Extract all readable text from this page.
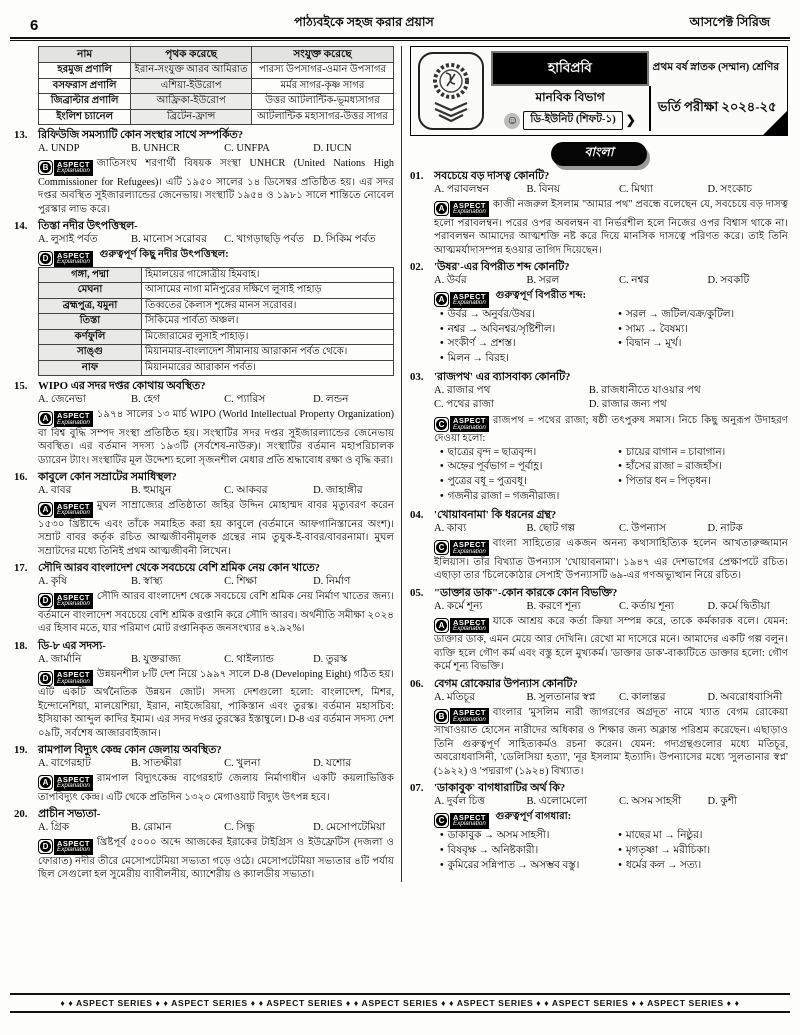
6	পাঠ্যবইকে সহজ করার প্রয়াস	আসপেক্ট সিরিজ
নাম	পৃথক করেছে	সংযুক্ত করেছে
হরমুজ প্রণালি	ইরান-সংযুক্ত আরব আমিরাত	পারস্য উপসাগর-ওমান উপসাগর
বসফরাস প্রণালি	এশিয়া-ইউরোপ	মর্মর সাগর-কৃষ্ণ সাগর
জিব্রাল্টার প্রণালি	আফ্রিকা-ইউরোপ	উত্তর আটলান্টিক-ভূমধ্যসাগর
ইংলিশ চ্যানেল	ব্রিটেন-ফ্রান্স	আটলান্টিক মহাসাগর-উত্তর সাগর
13. রিফিউজি সমস্যাটি কোন সংস্থার সাথে সম্পর্কিত?
A. UNDP	B. UNHCR	C. UNFPA	D. IUCN
B	ASPECT
Explanation
জাতিসংঘ শরণার্থী বিষয়ক সংস্থা UNHCR (United Nations High Commissioner for Refugees)। এটি ১৯৫০ সালের ১৪ ডিসেম্বর প্রতিষ্ঠিত হয়। এর সদর দপ্তর অবস্থিত সুইজারল্যান্ডের জেনেভায়। সংস্থাটি ১৯৫৪ ও ১৯৮১ সালে শান্তিতে নোবেল পুরস্কার লাভ করে।
14. তিস্তা নদীর উৎপত্তিস্থল-
A. লুসাই পর্বত	B. মানোস সরোবর	C. খাগড়াছড়ি পর্বত D. সিকিম পর্বত
D	ASPECT
Explanation
গুরুত্বপূর্ণ কিছু নদীর উৎপত্তিস্থল:
গঙ্গা, পদ্মা	হিমালয়ের গাঙ্গোত্রীয় হিমবাহ।
মেঘনা	আসামের নাগা মনিপুরের দক্ষিণে লুসাই পাহাড়
ব্রহ্মপুত্র, যমুনা	তিব্বতের কৈলাস শৃঙ্গের মানস সরোবর।
তিস্তা	সিকিমের পার্বত্য অঞ্চল।
কর্ণফুলি	মিজোরামের লুসাই পাহাড়।
সাঙ্গু	মিয়ানমার-বাংলাদেশ সীমানায় আরাকান পর্বত থেকে।
নাফ	মিয়ানমারের আরাকান পর্বত।
15. WIPO এর সদর দপ্তর কোথায় অবস্থিত?
A. জেনেভা	B. হেগ	C. প্যারিস	D. লন্ডন
A	ASPECT
Explanation
১৯৭৪ সালের ১৩ মার্চ WIPO (World Intellectual Property Organization) বা বিশ্ব বুদ্ধি সম্পদ সংস্থা প্রতিষ্ঠিত হয়। সংস্থাটির সদর দপ্তর সুইজারল্যান্ডের জেনেভায় অবস্থিত। এর বর্তমান সদস্য ১৯৩টি (সর্বশেষ-নাউরু)। সংস্থাটির বর্তমান মহাপরিচালক ড্যারেন ট্যাং। সংস্থাটির মূল উদ্দেশ্য হলো সৃজনশীল মেধার প্রতি শ্রদ্ধাবোধ রক্ষা ও বৃদ্ধি করা।
16. কাবুলে কোন সম্রাটের সমাধিস্থল?
A. বাবর	B. হুমায়ুন	C. আকবর	D. জাহাঙ্গীর
A	ASPECT
Explanation
মুঘল সাম্রাজ্যের প্রতিষ্ঠাতা জহির উদ্দিন মোহাম্মদ বাবর মৃত্যুবরণ করেন ১৫৩০ খ্রিষ্টাব্দে এবং তাঁকে সমাহিত করা হয় কাবুলে (বর্তমানে আফগানিস্তানের অংশ)। সম্রাট বাবর কর্তৃক রচিত আত্মজীবনীমূলক গ্রন্থের নাম তুযুক-ই-বাবর/বাবরনামা। মুঘল সম্রাটদের মধ্যে তিনিই প্রথম আত্মজীবনী লিখেন।
17. সৌদি আরব বাংলাদেশ থেকে সবচেয়ে বেশি শ্রমিক নেয় কোন খাতে?
A. কৃষি	B. স্বাস্থ্য	C. শিক্ষা	D. নির্মাণ
D	ASPECT
Explanation
সৌদি আরব বাংলাদেশ থেকে সবচেয়ে বেশি শ্রমিক নেয় নির্মাণ খাতের জন্য। বর্তমানে বাংলাদেশ সবচেয়ে বেশি শ্রমিক রপ্তানি করে সৌদি আরব। অর্থনীতি সমীক্ষা ২০২৪ এর হিসাব মতে, যার পরিমাণ মোট রপ্তানিকৃত জনসংখ্যার ৪২.৯২%।
18. ডি-৮ এর সদস্য-
A. জার্মানি	B. যুক্তরাজ্য	C. থাইল্যান্ড	D. তুরস্ক
D	ASPECT
Explanation
উন্নয়নশীল ৮টি দেশ নিয়ে ১৯৯৭ সালে D-8 (Developing Eight) গঠিত হয়। এটি একটি অর্থনৈতিক উন্নয়ন জোট। সদস্য দেশগুলো হলো: বাংলাদেশ, মিশর, ইন্দোনেশিয়া, মালয়েশিয়া, ইরান, নাইজেরিয়া, পাকিস্তান এবং তুরস্ক। বর্তমান মহাসচিব: ইসিয়াকা আব্দুল কাদির ইমাম। এর সদর দপ্তর তুরস্কের ইস্তাম্বুলে। D-8 এর বর্তমান সদস্য দেশ ০৯টি, সর্বশেষ আজারবাইজান।
19. রামপাল বিদ্যুৎ কেন্দ্র কোন জেলায় অবস্থিত?
A. বাগেরহাট	B. সাতক্ষীরা	C. খুলনা	D. যশোর
A	ASPECT
Explanation
রামপাল বিদ্যুৎকেন্দ্র বাগেরহাট জেলায় নির্মাণাধীন একটি কয়লাভিত্তিক তাপবিদ্যুৎ কেন্দ্র। এটি থেকে প্রতিদিন ১৩২০ মেগাওয়াট বিদ্যুৎ উৎপন্ন হবে।
20. প্রাচীন সভ্যতা-
A. গ্রিক	B. রোমান	C. সিন্ধু	D. মেসোপটেমিয়া
D	ASPECT
Explanation
খ্রিষ্টপূর্ব ৫০০০ অব্দে আজকের ইরাকের টাইগ্রিস ও ইউফ্রেটিস (দজলা ও ফোরাত) নদীর তীরে মেসোপটেমিয়া সভ্যতা গড়ে ওঠে। মেসোপটেমিয়া সভ্যতার ৪টি পর্যায় ছিল সেগুলো হল সুমেরীয় ব্যাবীলনীয়, অ্যাশেরীয় ও ক্যালডীয় সভ্যতা।
হাবিপ্রবি	প্রথম বর্ষ স্নাতক (সম্মান) শ্রেণির
মানবিক বিভাগ
☺	ডি-ইউনিট (শিফট-১) ❯
ভর্তি পরীক্ষা ২০২৪-২৫
বাংলা
01. সবচেয়ে বড় দাসত্ব কোনটি?
A. পরাবলম্বন	B. বিনয়	C. মিথ্যা	D. সংকোচ
A	ASPECT
Explanation
কাজী নজরুল ইসলাম "আমার পথ" প্রবন্ধে বলেছেন যে, সবচেয়ে বড় দাসত্ব হলো পরাবলম্বন। পরের ওপর অবলম্বন বা নির্ভরশীল হলে নিজের ওপর বিশ্বাস থাকে না। পরাবলম্বন আমাদের আত্মশক্তি নষ্ট করে দিয়ে মানসিক দাসত্বে পরিণত করে। তাই তিনি আত্মমর্যাদাসম্পন্ন হওয়ার তাগিদ দিয়েছেন।
02. 'উষর'-এর বিপরীত শব্দ কোনটি?
A. উর্বর	B. সরল	C. নশ্বর	D. সবকটি
A	ASPECT
Explanation
গুরুত্বপূর্ণ বিপরীত শব্দ:
• উর্বর → অনুর্বর/উষর।	• সরল → জটিল/বক্র/কুটিল।
• নশ্বর → অবিনশ্বর/সৃষ্টিশীল।	• সাম্য → বৈষম্য।
• সংকীর্ণ → প্রশস্ত।	• বিদ্বান → মূর্খ।
• মিলন → বিরহ।
03. 'রাজপথ' এর ব্যাসবাক্য কোনটি?
A. রাজার পথ	B. রাজধানীতে যাওয়ার পথ
C. পথের রাজা	D. রাজার জন্য পথ
C	ASPECT
Explanation
রাজপথ = পথের রাজা; ষষ্ঠী তৎপুরুষ সমাস। নিচে কিছু অনুরূপ উদাহরণ দেওয়া হলো:
• ছাত্রের বৃন্দ = ছাত্রবৃন্দ।	• চায়ের বাগান = চাবাগান।
• অহ্নের পূর্বভাগ = পূর্বাহ্ণ।	• হাঁসের রাজা = রাজহাঁস।
• পুত্রের বধূ = পুত্রবধূ।	• পিতার ধন = পিতৃধন।
• গজনীর রাজা = গজনীরাজ।
04. 'খোয়াবনামা' কি ধরনের গ্রন্থ?
A. কাব্য	B. ছোট গল্প	C. উপন্যাস	D. নাটক
C	ASPECT
Explanation
বাংলা সাহিত্যের একজন অনন্য কথাসাহিত্যিক হলেন আখতারুজ্জামান ইলিয়াস। তাঁর বিখ্যাত উপন্যাস 'খোয়াবনামা'। ১৯৪৭ এর দেশভাগের প্রেক্ষাপটে রচিত। এছাড়া তার 'চিলেকোঠার সেপাই' উপন্যাসটি ৬৯-এর গণঅভ্যুত্থান নিয়ে রচিত।
05. "ডাক্তার ডাক"-কোন কারকে কোন বিভক্তি?
A. কর্মে শূন্য	B. করণে শূন্য	C. কর্তায় শূন্য	D. কর্মে দ্বিতীয়া
A	ASPECT
Explanation
যাকে আশ্রয় করে কর্তা ক্রিয়া সম্পন্ন করে, তাকে কর্মকারক বলে। যেমন: ডাক্তার ডাক, এমন মেয়ে আর দেখিনি। রেখো মা দাসেরে মনে। আমাদের একটি গল্প বলুন। ব্যক্তি হলে গৌণ কর্ম এবং বস্তু হলে মুখ্যকর্ম। 'ডাক্তার ডাক'-বাক্যটিতে ডাক্তার হলো: গৌণ কর্মে শূন্য বিভক্তি।
06. বেগম রোকেয়ার উপন্যাস কোনটি?
A. মতিচূর	B. সুলতানার স্বপ্ন	C. কালান্তর	D. অবরোধবাসিনী
B	ASPECT
Explanation
বাংলার 'মুসলিম নারী জাগরণের অগ্রদূত' নামে খ্যাত বেগম রোকেয়া সাখাওয়াত হোসেন নারীদের অধিকার ও শিক্ষার জন্য অক্লান্ত পরিশ্রম করেছেন। এছাড়াও তিনি গুরুত্বপূর্ণ সাহিত্যকর্মও রচনা করেন। যেমন: গদ্যগ্রন্থগুলোর মধ্যে মতিচূর, অবরোধবাসিনী, 'ডেলিসিয়া হত্যা', 'নূর ইসলাম' ইত্যাদি। উপন্যাসের মধ্যে 'সুলতানার স্বপ্ন' (১৯২২) ও 'পদ্মরাগ' (১৯২৪) বিখ্যাত।
07. 'ডাকাবুক' বাগধারাটির অর্থ কি?
A. দুর্বল চিত্ত	B. এলোমেলো	C. অসম সাহসী	D. কুশী
C	ASPECT
Explanation
গুরুত্বপূর্ণ বাগধারা:
• ডাকাবুক → অসম সাহসী।	• মাছের মা → নিষ্ঠুর।
• বিষবৃক্ষ → অনিষ্টকারী।	• মৃগতৃষ্ণা → মরীচিকা।
• কুমিরের সন্নিপাত → অসম্ভব বস্তু।	• ধর্মের কল → সত্য।
♦ ♦ ASPECT SERIES ♦ ♦ ASPECT SERIES ♦ ♦ ASPECT SERIES ♦ ♦ ASPECT SERIES ♦ ♦ ASPECT SERIES ♦ ♦ ASPECT SERIES ♦ ♦ ASPECT SERIES ♦ ♦
